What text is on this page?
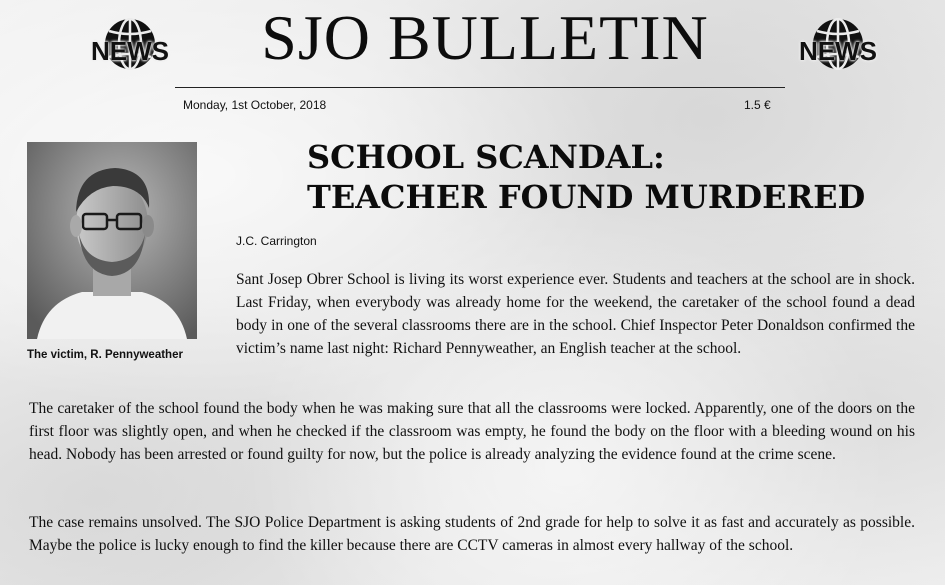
NEWS	SJO BULLETIN	NEWS
Monday, 1st October, 2018	1.5 €
The victim, R. Pennyweather
SCHOOL SCANDAL:
TEACHER FOUND MURDERED
J.C. Carrington
Sant Josep Obrer School is living its worst experience ever. Students and teachers at the school are in shock. Last Friday, when everybody was already home for the weekend, the caretaker of the school found a dead body in one of the several classrooms there are in the school. Chief Inspector Peter Donaldson confirmed the victim’s name last night: Richard Pennyweather, an English teacher at the school.
The caretaker of the school found the body when he was making sure that all the classrooms were locked. Apparently, one of the doors on the first floor was slightly open, and when he checked if the classroom was empty, he found the body on the floor with a bleeding wound on his head. Nobody has been arrested or found guilty for now, but the police is already analyzing the evidence found at the crime scene.
The case remains unsolved. The SJO Police Department is asking students of 2nd grade for help to solve it as fast and accurately as possible. Maybe the police is lucky enough to find the killer because there are CCTV cameras in almost every hallway of the school.
